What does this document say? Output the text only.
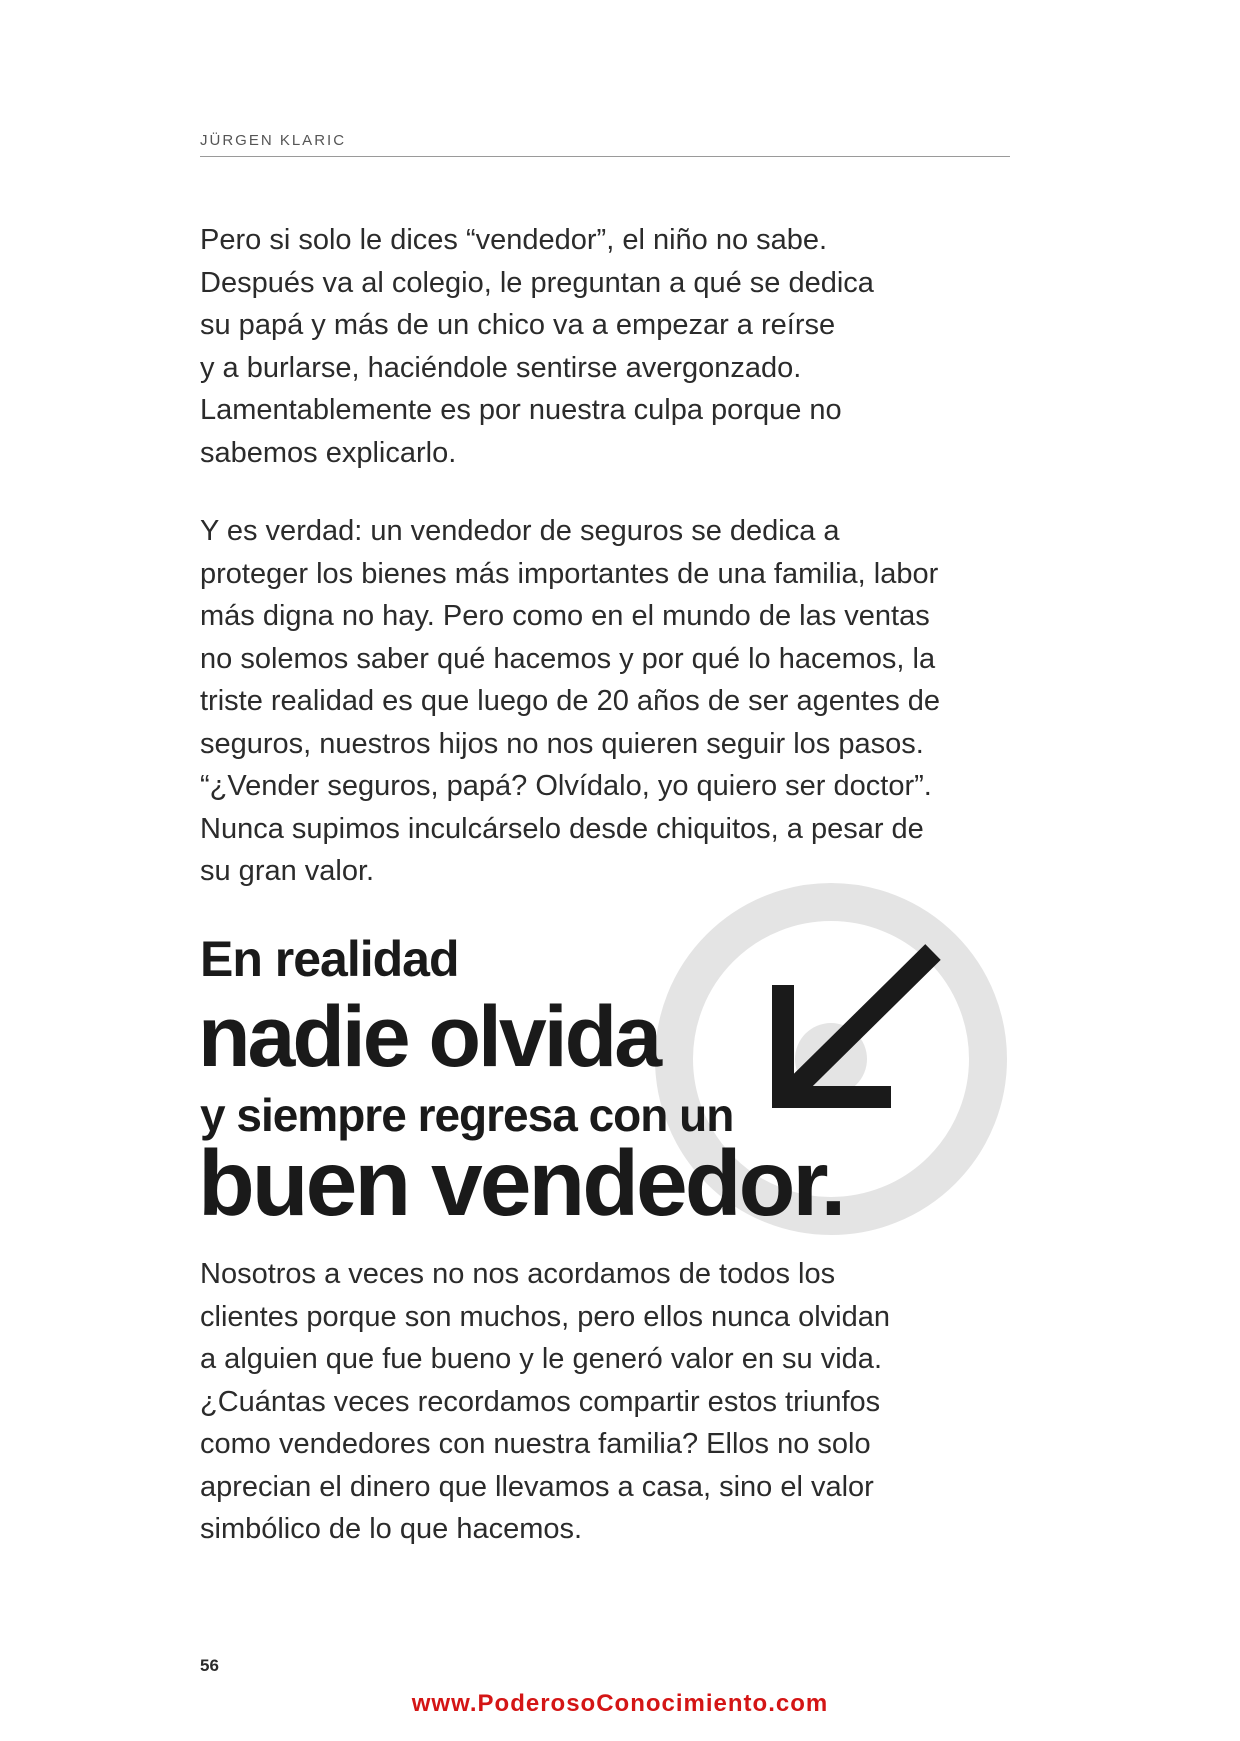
JÜRGEN KLARIC
Pero si solo le dices “vendedor”, el niño no sabe.
Después va al colegio, le preguntan a qué se dedica
su papá y más de un chico va a empezar a reírse
y a burlarse, haciéndole sentirse avergonzado.
Lamentablemente es por nuestra culpa porque no
sabemos explicarlo.
Y es verdad: un vendedor de seguros se dedica a
proteger los bienes más importantes de una familia, labor
más digna no hay. Pero como en el mundo de las ventas
no solemos saber qué hacemos y por qué lo hacemos, la
triste realidad es que luego de 20 años de ser agentes de
seguros, nuestros hijos no nos quieren seguir los pasos.
“¿Vender seguros, papá? Olvídalo, yo quiero ser doctor”.
Nunca supimos inculcárselo desde chiquitos, a pesar de
su gran valor.
En realidad
nadie olvida
y siempre regresa con un
buen vendedor.
Nosotros a veces no nos acordamos de todos los
clientes porque son muchos, pero ellos nunca olvidan
a alguien que fue bueno y le generó valor en su vida.
¿Cuántas veces recordamos compartir estos triunfos
como vendedores con nuestra familia? Ellos no solo
aprecian el dinero que llevamos a casa, sino el valor
simbólico de lo que hacemos.
56
www.PoderosoConocimiento.com
